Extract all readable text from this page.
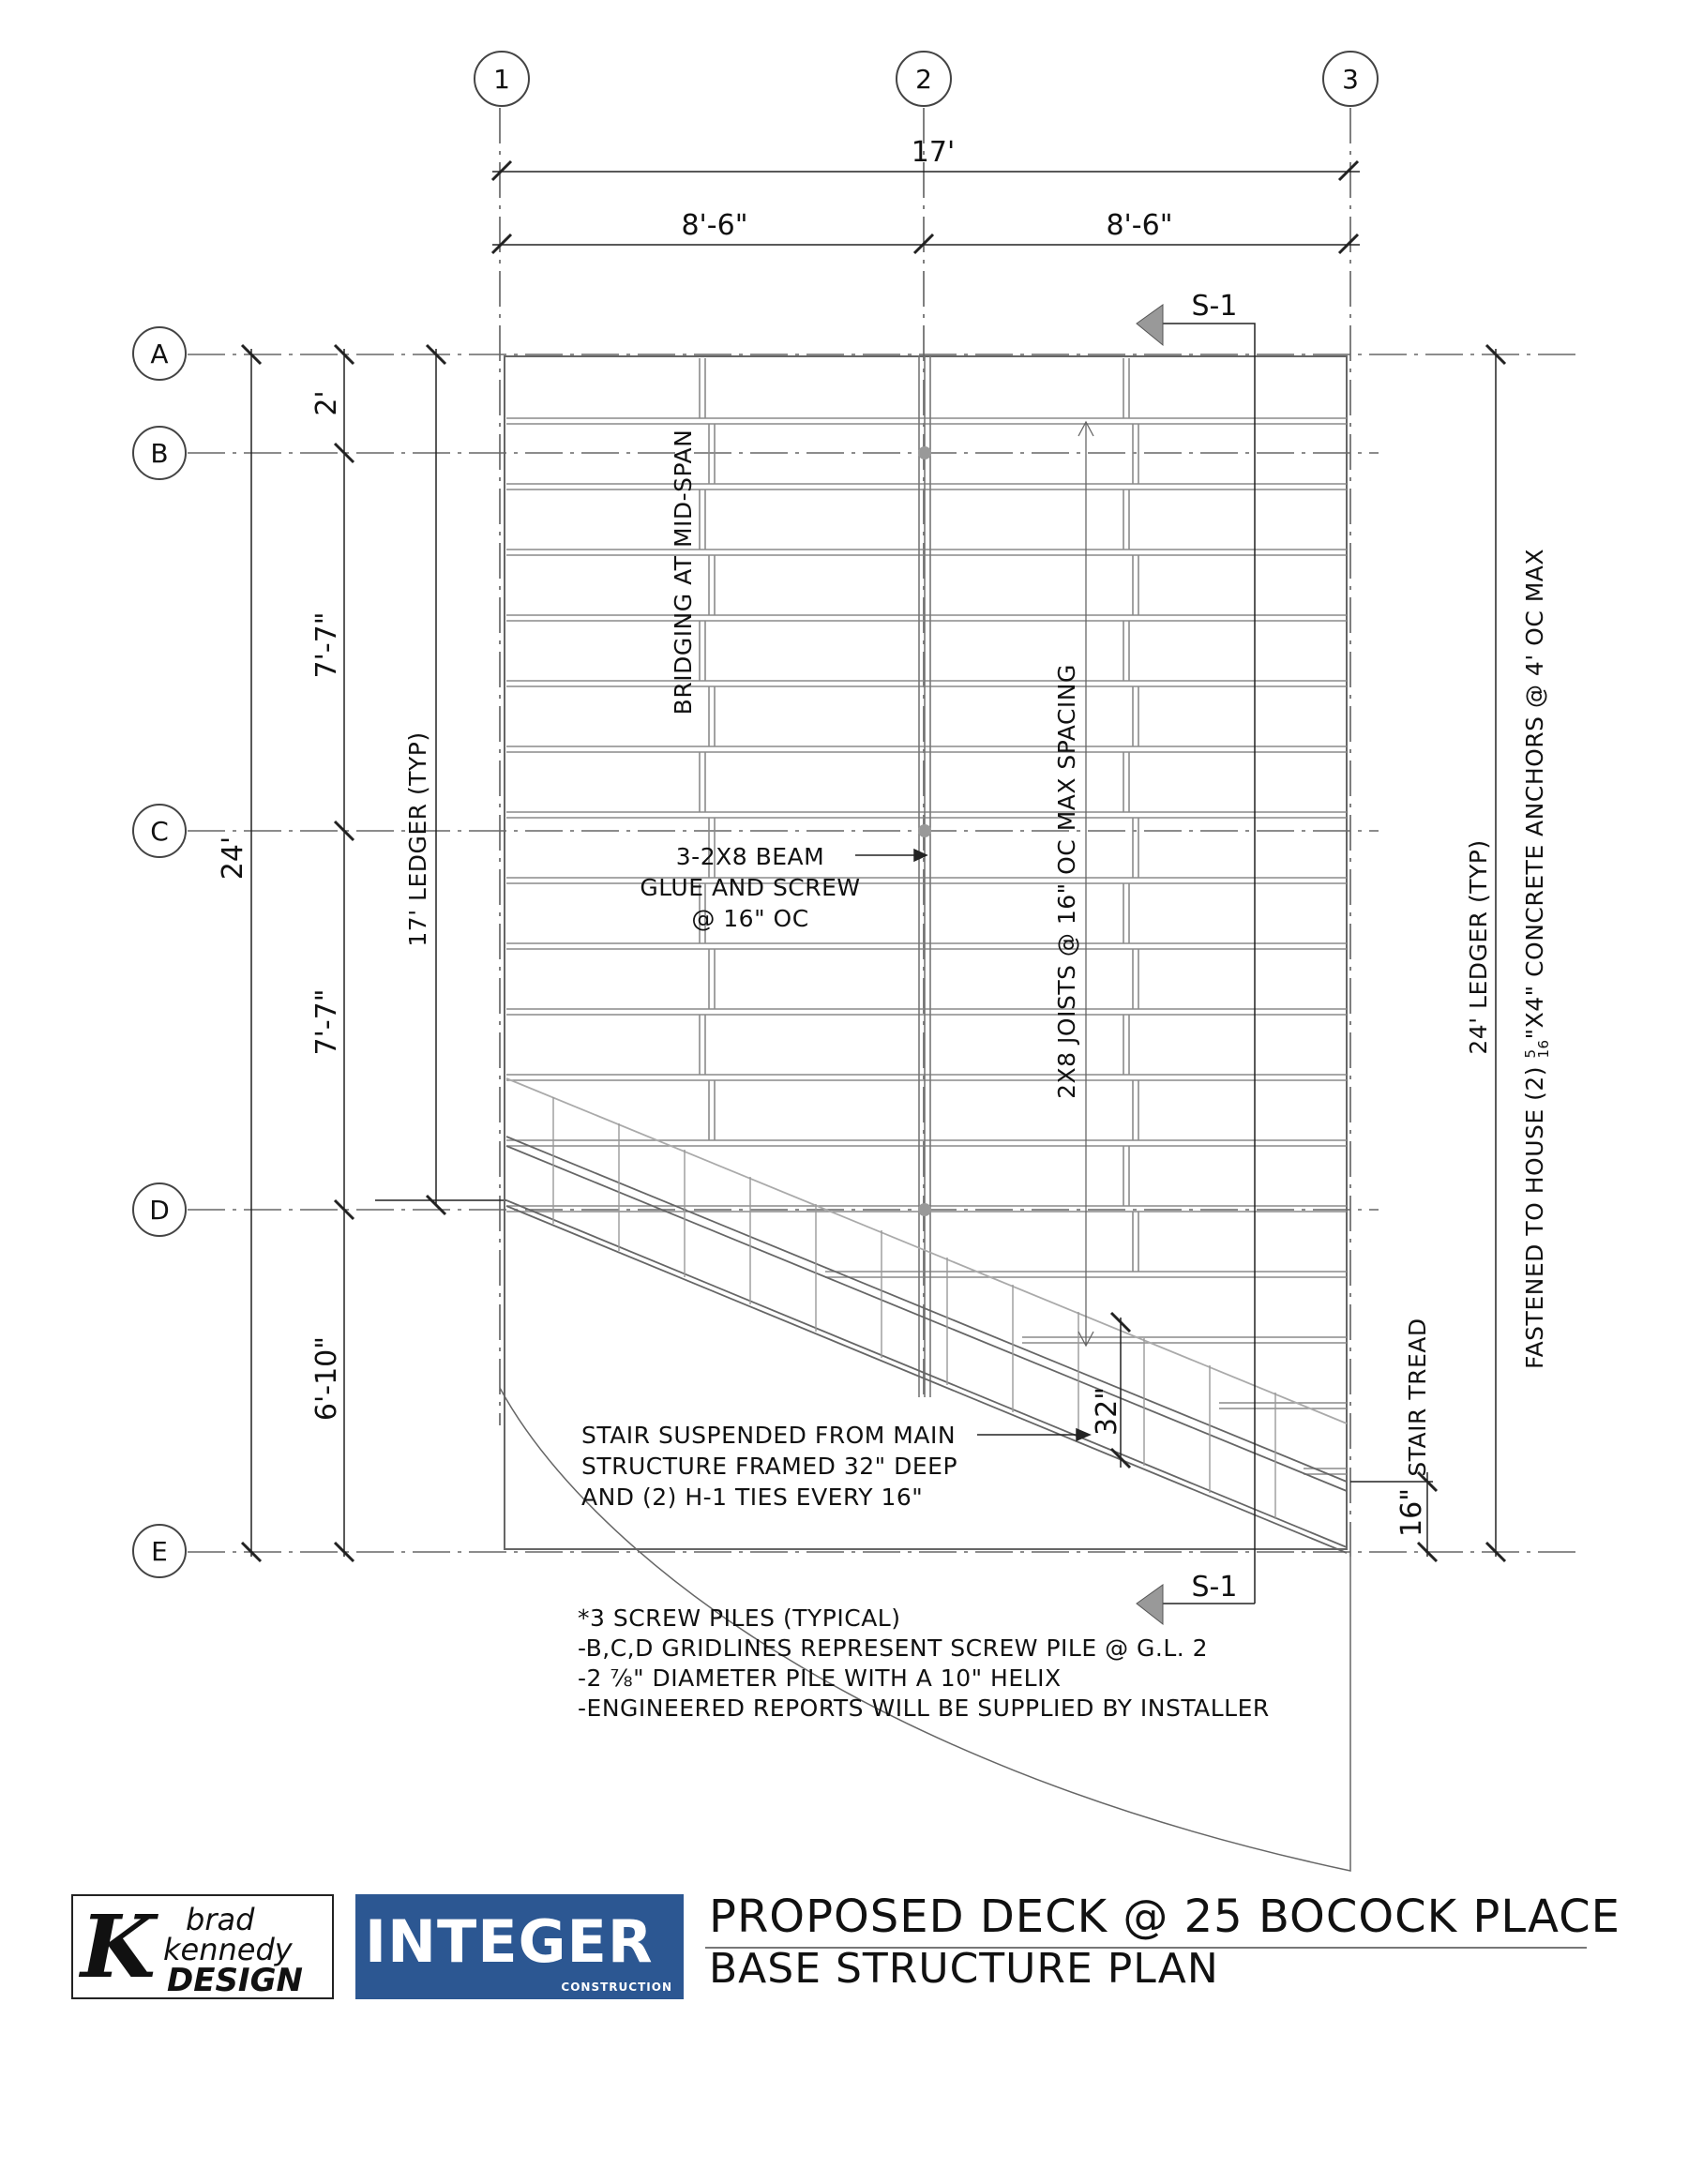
1	2	3
A
B
C
D
E
17'
8'-6"	8'-6"
24'
2'
7'-7"
7'-7"
6'-10"
17' LEDGER (TYP)
24' LEDGER (TYP)
FASTENED TO HOUSE (2) $^5$16"X4" CONCRETE ANCHORS @ 4' OC MAX
2X8 JOISTS @ 16" OC MAX SPACING
BRIDGING AT MID-SPAN
3-2X8 BEAM
GLUE AND SCREW
@ 16" OC
STAIR SUSPENDED FROM MAIN
STRUCTURE FRAMED 32" DEEP
AND (2) H-1 TIES EVERY 16"
32"
16"
STAIR TREAD
S-1
S-1
*3 SCREW PILES (TYPICAL)
-B,C,D GRIDLINES REPRESENT SCREW PILE @ G.L. 2
-2 ⅞" DIAMETER PILE WITH A 10" HELIX
-ENGINEERED REPORTS WILL BE SUPPLIED BY INSTALLER
K brad
kennedy
DESIGN
INTEGER
CONSTRUCTION
PROPOSED DECK @ 25 BOCOCK PLACE
BASE STRUCTURE PLAN
